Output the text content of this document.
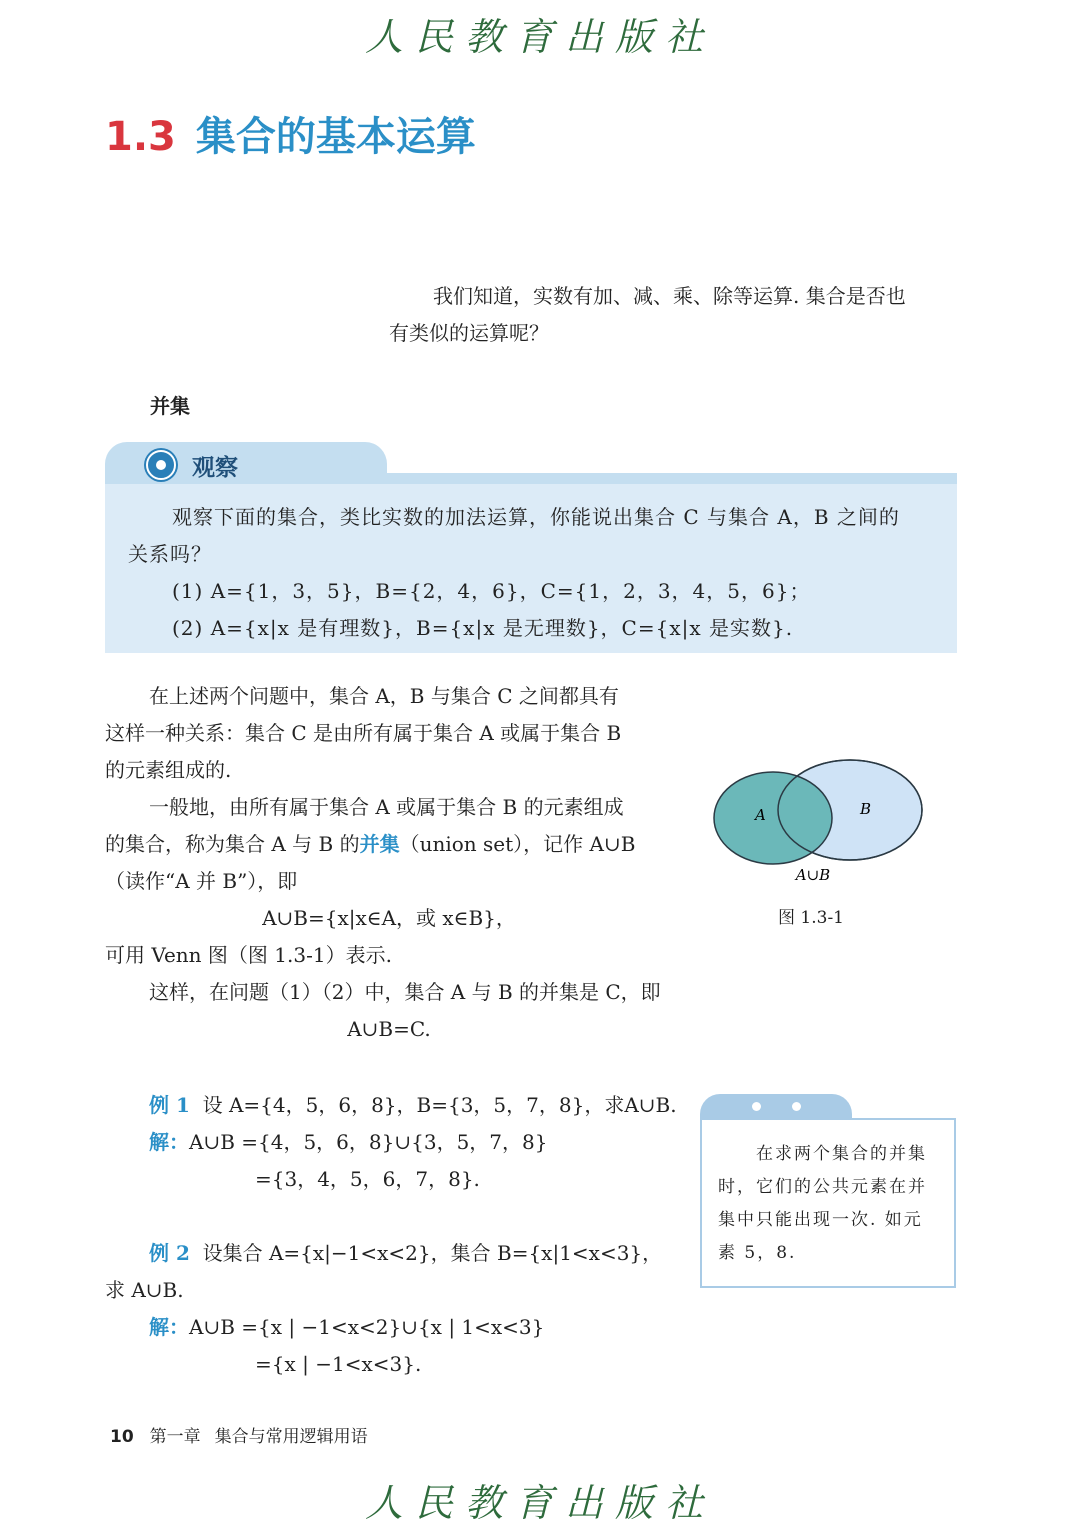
人民教育出版社
1.3 集合的基本运算

我们知道，实数有加、减、乘、除等运算. 集合是否也

有类似的运算呢？

并集
观察

观察下面的集合，类比实数的加法运算，你能说出集合 C 与集合 A，B 之间的

关系吗？

(1) A={1，3，5}，B={2，4，6}，C={1，2，3，4，5，6}；

(2) A={x|x 是有理数}，B={x|x 是无理数}，C={x|x 是实数}.

在上述两个问题中，集合 A，B 与集合 C 之间都具有

这样一种关系：集合 C 是由所有属于集合 A 或属于集合 B

的元素组成的.

一般地，由所有属于集合 A 或属于集合 B 的元素组成

的集合，称为集合 A 与 B 的并集（union set），记作 A∪B

（读作“A 并 B”），即

A∪B={x|x∈A，或 x∈B}，

可用 Venn 图（图 1.3-1）表示.

这样，在问题（1）（2）中，集合 A 与 B 的并集是 C，即

A∪B=C.

A	B
A∪B
图 1.3-1

例 1 设 A={4，5，6，8}，B={3，5，7，8}，求A∪B.

解：A∪B ={4，5，6，8}∪{3，5，7，8}

={3，4，5，6，7，8}.

例 2 设集合 A={x|−1<x<2}，集合 B={x|1<x<3}，

求 A∪B.

解：A∪B ={x | −1<x<2}∪{x | 1<x<3}

={x | −1<x<3}.

在求两个集合的并集

时，它们的公共元素在并

集中只能出现一次. 如元

素 5，8.

10 第一章 集合与常用逻辑用语
人民教育出版社
